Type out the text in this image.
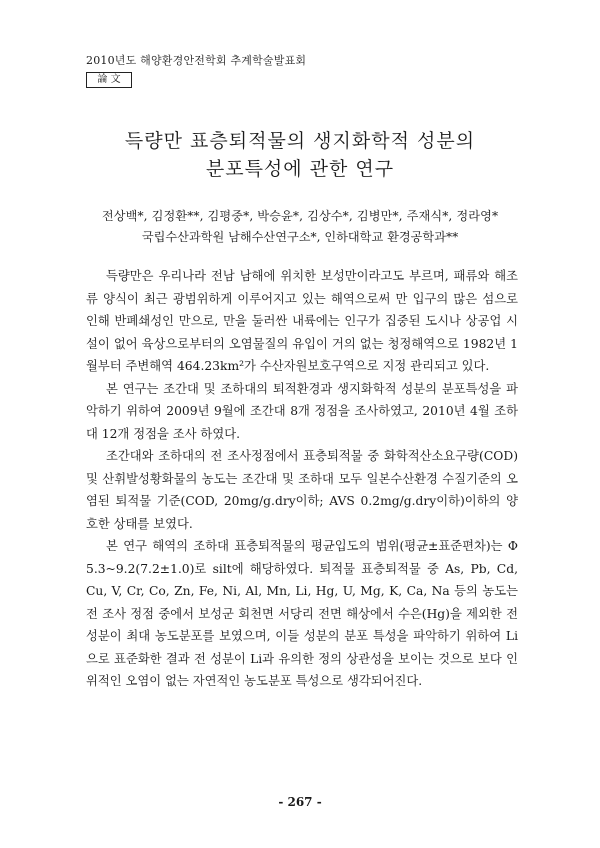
2010년도 해양환경안전학회 추계학술발표회
論 文
득량만 표층퇴적물의 생지화학적 성분의
분포특성에 관한 연구
전상백*, 김정환**, 김평중*, 박승윤*, 김상수*, 김병만*, 주재식*, 정라영*
국립수산과학원 남해수산연구소*, 인하대학교 환경공학과**

득량만은 우리나라 전남 남해에 위치한 보성만이라고도 부르며, 패류와 해조류 양식이 최근 광범위하게 이루어지고 있는 해역으로써 만 입구의 많은 섬으로 인해 반폐쇄성인 만으로, 만을 둘러싼 내륙에는 인구가 집중된 도시나 상공업 시설이 없어 육상으로부터의 오염물질의 유입이 거의 없는 청정해역으로 1982년 1월부터 주변해역 464.23km²가 수산자원보호구역으로 지정 관리되고 있다.

본 연구는 조간대 및 조하대의 퇴적환경과 생지화학적 성분의 분포특성을 파악하기 위하여 2009년 9월에 조간대 8개 정점을 조사하였고, 2010년 4월 조하대 12개 정점을 조사 하였다.

조간대와 조하대의 전 조사정점에서 표층퇴적물 중 화학적산소요구량(COD) 및 산휘발성황화물의 농도는 조간대 및 조하대 모두 일본수산환경 수질기준의 오염된 퇴적물 기준(COD, 20mg/g.dry이하; AVS 0.2mg/g.dry이하)이하의 양호한 상태를 보였다.

본 연구 해역의 조하대 표층퇴적물의 평균입도의 범위(평균±표준편차)는 Φ 5.3~9.2(7.2±1.0)로 silt에 해당하였다. 퇴적물 표층퇴적물 중 As, Pb, Cd, Cu, V, Cr, Co, Zn, Fe, Ni, Al, Mn, Li, Hg, U, Mg, K, Ca, Na 등의 농도는 전 조사 정점 중에서 보성군 회천면 서당리 전면 해상에서 수은(Hg)을 제외한 전 성분이 최대 농도분포를 보였으며, 이들 성분의 분포 특성을 파악하기 위하여 Li으로 표준화한 결과 전 성분이 Li과 유의한 정의 상관성을 보이는 것으로 보다 인위적인 오염이 없는 자연적인 농도분포 특성으로 생각되어진다.

- 267 -
